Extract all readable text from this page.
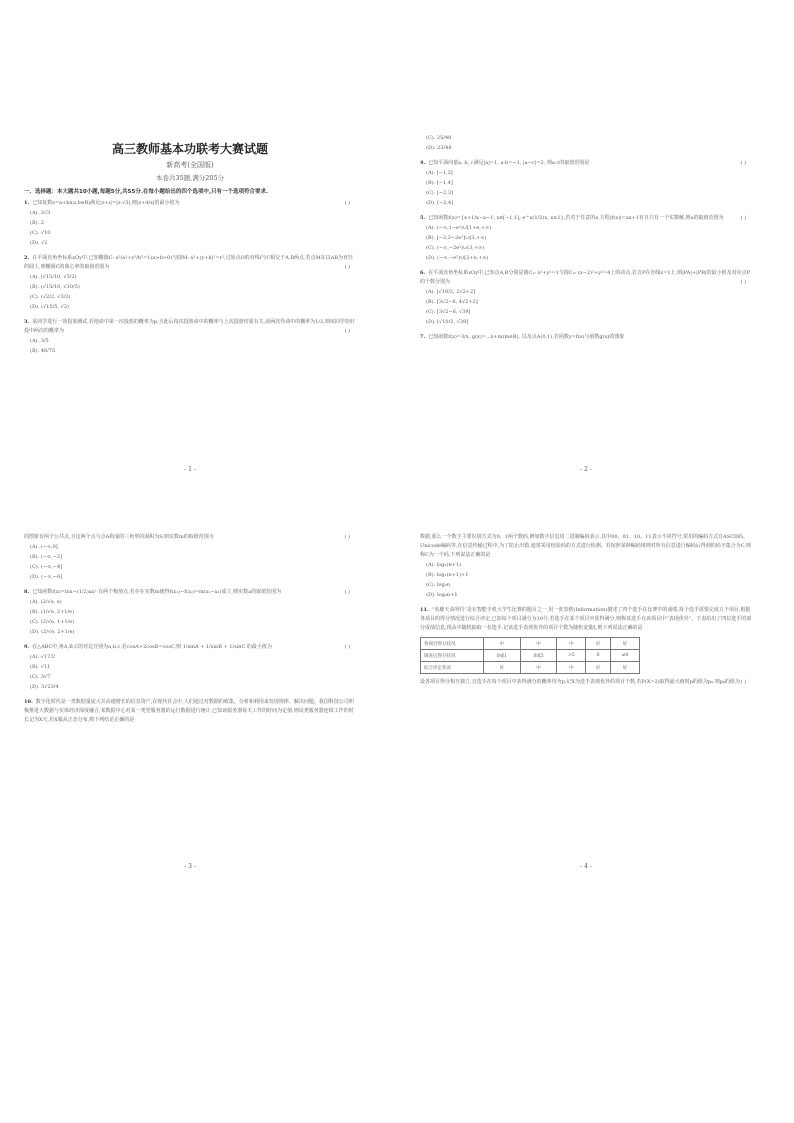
高三教师基本功联考大赛试题
新高考(全国版)
本卷共35题,满分205分
一、选择题：本大题共10小题,每题5分,共55分.在每小题给出的四个选项中,只有一个选项符合要求.
1. 已知复数z=a+bi(a,b∈R)满足|z+i|=|z-√3|,则|z+4/z|的最小值为	( )
(A). 2√3
(B). 2
(C). √10
(D). √2
2. 在平面直角坐标系xOy中,已知椭圆C: x²/a²+y²/b²=1(a>b>0)与圆M: x²+(y+k)²=r²,过原点O的直线l与C相交于A,B两点,若点M在以AB为直径的圆上,则椭圆C的离心率的取值范围为	( )
(A). (√15/10, √3/2)
(B). (√15/10, √10/5)
(C). (√2/2, √3/2)
(D). (√15/5, √2)
3. 某同学进行一项投篮测试,若他命中第一次投篮的概率为p,且此后每次投篮命中的概率与上次投篮结果有关,前两次均命中的概率为1/2,则该同学恰好投中两次的概率为	( )
(A). 3/5
(B). 46/75
- 1 -
(C). 25/48
(D). 23/48
4. 已知平面向量a, b, c满足|a|=1, a·b=−1, |a−c|=2, 则a·c的取值范围是	( )
(A). [−1,3]
(B). [−1,4]
(C). [−2,3]
(D). [−2,4]
5. 已知函数f(x)={x+1/x−a−1, x∈[−1,1]; e^x(1/2)x, x≥1},若对于任意的x,方程|f(x)|=ax+1有且只有一个实数解,则a的取值范围为	( )
(A). (−∞,1−e²)∪[1+e,+∞)
(B). [−3,3−2e²]∪[3,+∞)
(C). (−∞,−2e²)∪(3,+∞)
(D). (−∞,−e²)∪[2+e,+∞)
6. 在平面直角坐标系xOy中,已知点A,B分别是圆C₁: x²+y²=1与圆C₂: (x−2)²+y²=4上的动点,若点P在直线x=1上,则|PA|+|PB|的最小值及对应点P的个数分别为	( )
(A). [√10/2, 2√2+2]
(B). [3√2−6, 4√2+2]
(C). [3√2−6, √39]
(D). [√10/2, √39]
7. 已知函数f(x)=3/x, g(x)=...x+m(m∈R), 以及点A(0,1),若函数y=f(x)与函数g(x)的图象
- 2 -
的图象有两个公共点,且这两个点与点A构成的三角形的面积为S,则实数m的取值范围为	( )
(A). (−∞,0]
(B). (−∞,−2]
(C). (−∞,−4]
(D). (−∞,−6]
8. 已知函数f(x)=lnx−(1/2)ax² 有两个极值点,若存在实数m使得f(x₁)−f(x₂)=m(x₁−x₂)成立,则实数a的取值范围为	( )
(A). (2/√e, e)
(B). (1/√e, 2+1/e)
(C). (2/√e, 1+1/e)
(D). (2/√e, 2+1/e)
9. 在△ABC中,角A,B,C的对边分别为a,b,c,若cosA+2cosB=cosC,则 1/sinA + 1/sinB + 1/sinC 的最小值为	( )
(A). √17/2
(B). √11
(C). 3√7
(D). 3√23/4
10. 数字化时代是一类数据量庞大并高速增长的信息资产,在现代社会中,人们通过对数据的收集、分析和利用来发现规律、解决问题。我国科技公司积极推进大数据与实体经济深度融合,某数据中心对某一类型服务器的运行数据进行统计,已知该服务器每天工作的时间为定值,则该类服务器连续工作的时长记为X天,若X服从正态分布,则下列结论正确的是
- 3 -
数据,那么一个数字主要识别方式为0、1两个数码,例如数字信息用二进制编码表示,其中00、01、10、11表示不同符号,常用的编码方式有ASCII码、Unicode编码等,在信息传输过程中,为了防止出错,通常采用校验码的方式进行检测。若按照某种编码规则对所有信息进行编码后得到的码字集合为C,则称C为一个码,下列说法正确的是
(A). log₂(n+1)
(B). log₂(n+1)+1
(C). log₂n
(D). log₂n+1
11. “英雄天命所归”是在智能手机大学生比赛的题目之一,用一张表格(Information)描述了四个选手在比赛中的成绩,每个选手需要完成五个项目,根据各项目的得分情况进行综合评定,已知每个项目满分为10分,若选手在某个项目中获得满分,则称该选手在该项目中“表现优异”。下表给出了四位选手的部分成绩信息,现从中随机抽取一名选手,记该选手表现优异的项目个数为随机变量ξ,则下列说法正确的是
各项目得分状况	中	中	中	好	好
调查后得分状况	0或1	0或5	>5	6	≠8
综合评定状况	好	中	中	好	好
设各项目得分相互独立,且选手在每个项目中获得满分的概率均为p,记X为选手表现优异的项目个数,若P(X=2)取得最大值时p的值为p₀,则p₀的值为 ( )
- 4 -
